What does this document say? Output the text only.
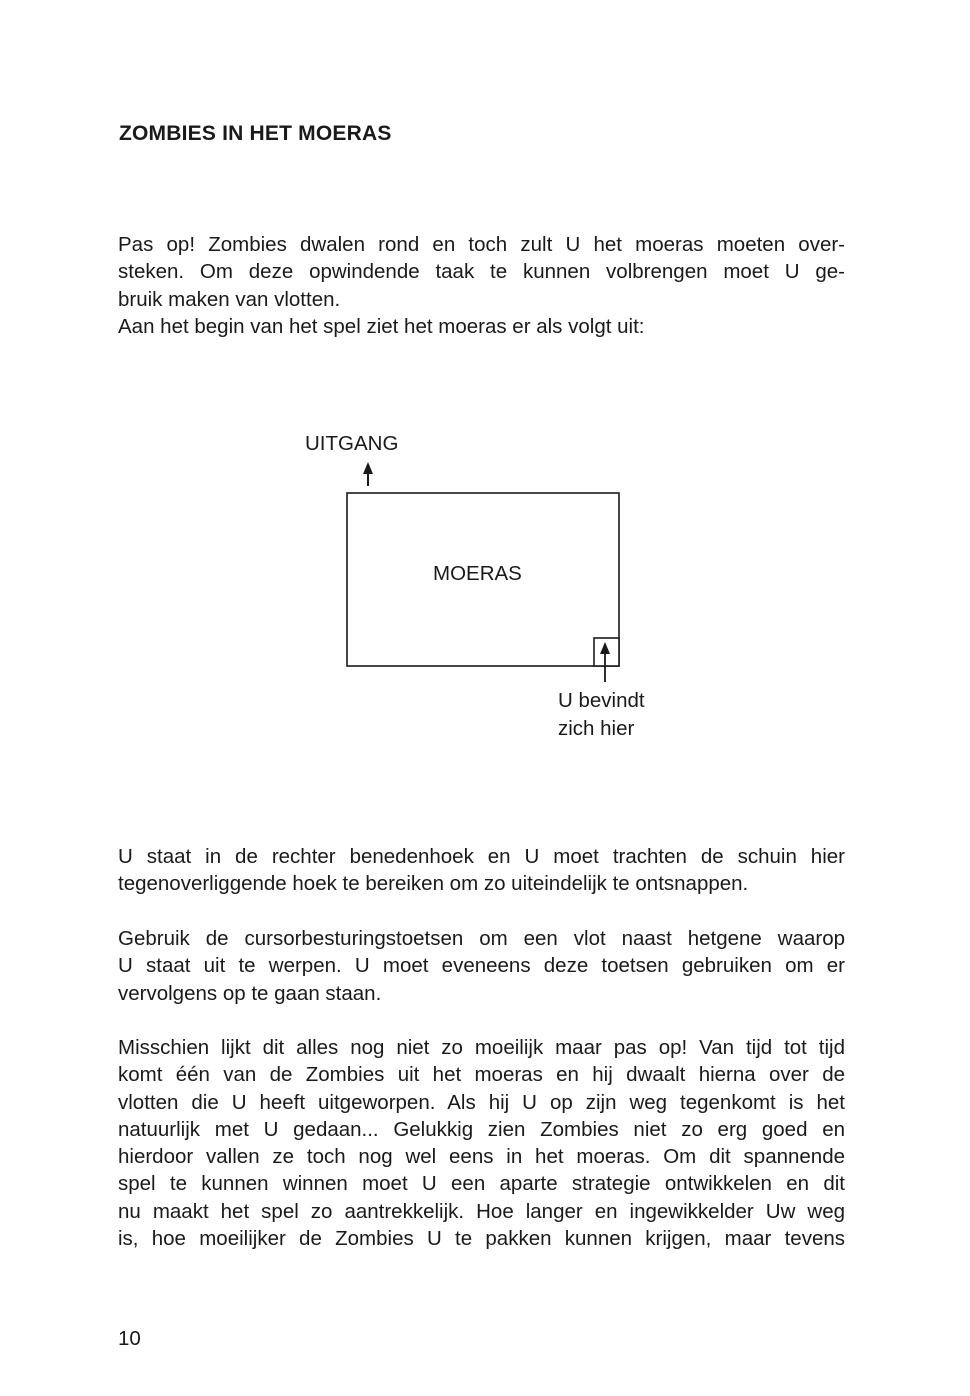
ZOMBIES IN HET MOERAS
Pas op! Zombies dwalen rond en toch zult U het moeras moeten over-
steken. Om deze opwindende taak te kunnen volbrengen moet U ge-
bruik maken van vlotten.
Aan het begin van het spel ziet het moeras er als volgt uit:

UITGANG

MOERAS

U bevindt
zich hier

U staat in de rechter benedenhoek en U moet trachten de schuin hier
tegenoverliggende hoek te bereiken om zo uiteindelijk te ontsnappen.
Gebruik de cursorbesturingstoetsen om een vlot naast hetgene waarop
U staat uit te werpen. U moet eveneens deze toetsen gebruiken om er
vervolgens op te gaan staan.
Misschien lijkt dit alles nog niet zo moeilijk maar pas op! Van tijd tot tijd
komt één van de Zombies uit het moeras en hij dwaalt hierna over de
vlotten die U heeft uitgeworpen. Als hij U op zijn weg tegenkomt is het
natuurlijk met U gedaan... Gelukkig zien Zombies niet zo erg goed en
hierdoor vallen ze toch nog wel eens in het moeras. Om dit spannende
spel te kunnen winnen moet U een aparte strategie ontwikkelen en dit
nu maakt het spel zo aantrekkelijk. Hoe langer en ingewikkelder Uw weg
is, hoe moeilijker de Zombies U te pakken kunnen krijgen, maar tevens

10
